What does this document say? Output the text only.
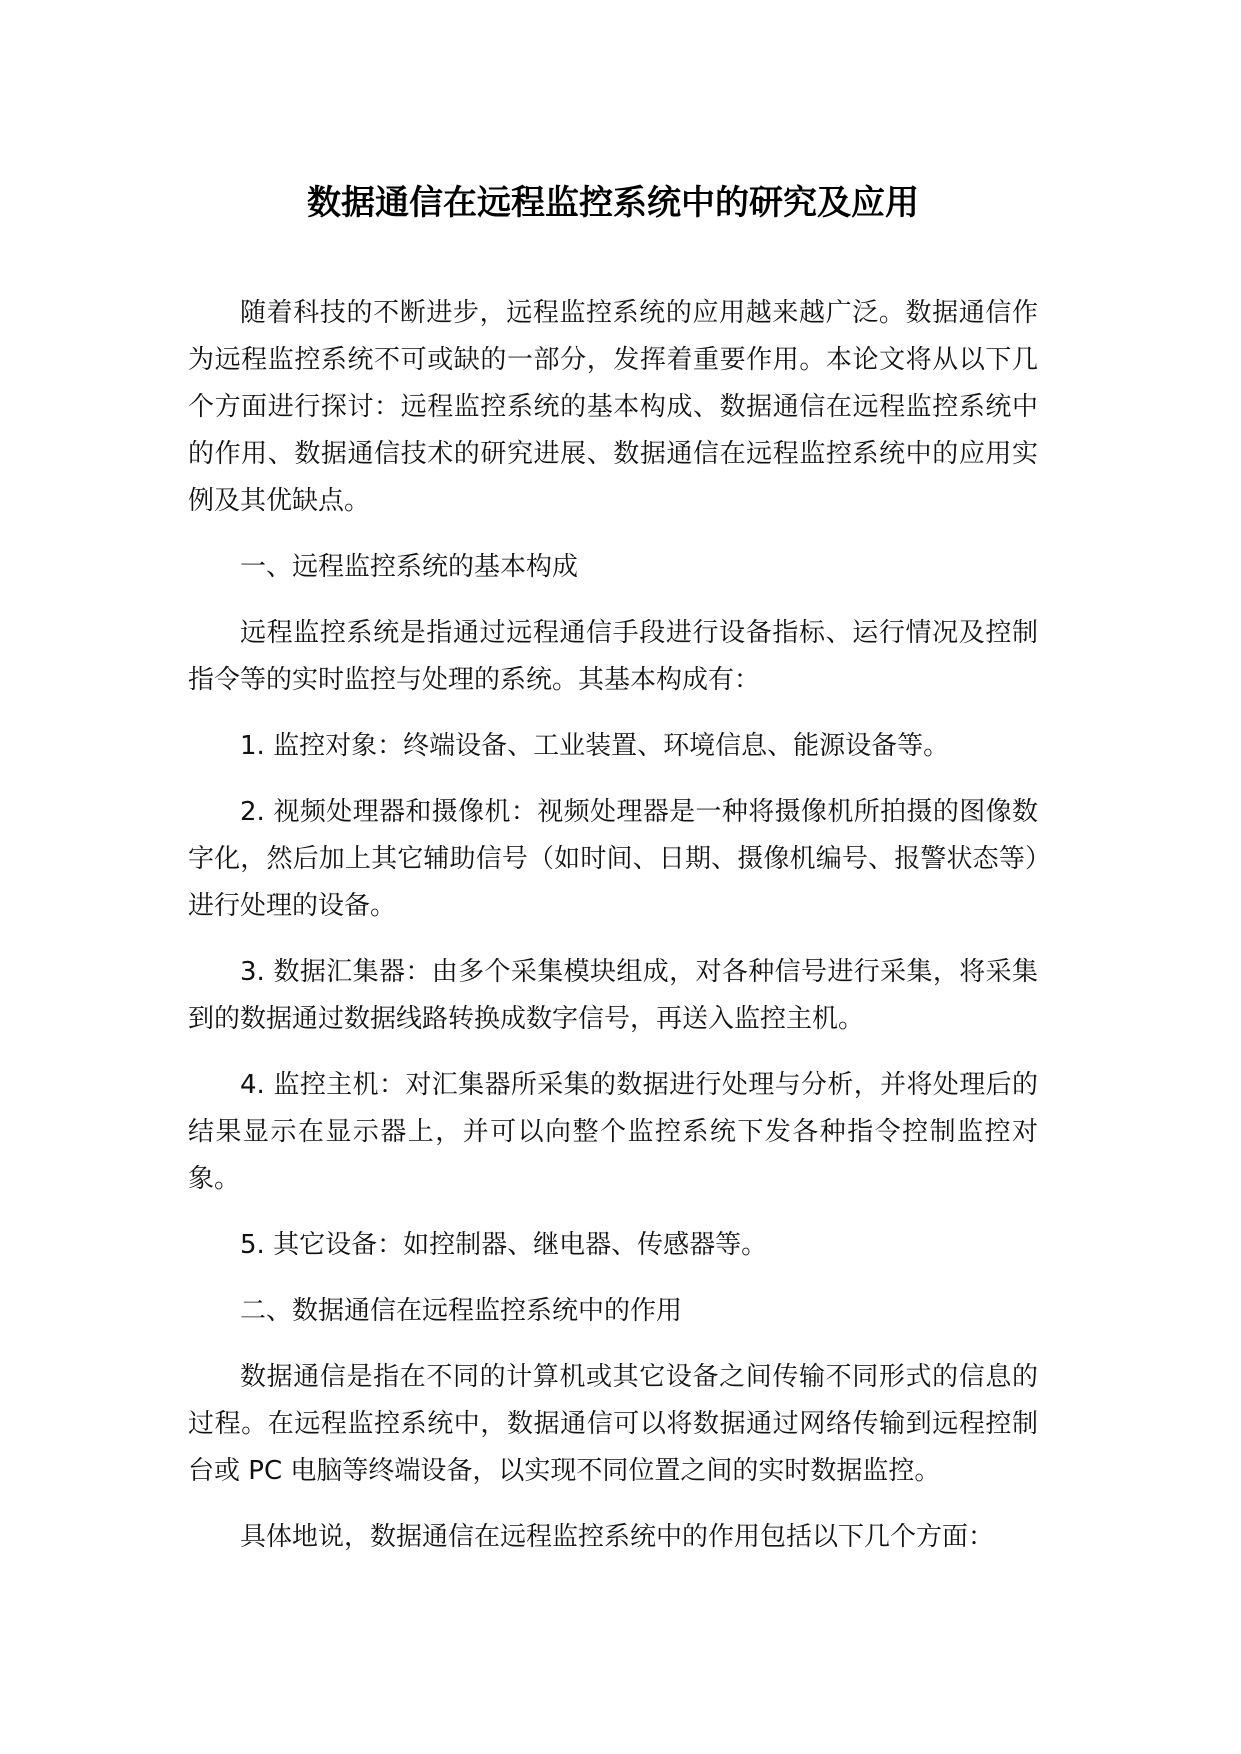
数据通信在远程监控系统中的研究及应用

随着科技的不断进步，远程监控系统的应用越来越广泛。数据通信作为远程监控系统不可或缺的一部分，发挥着重要作用。本论文将从以下几个方面进行探讨：远程监控系统的基本构成、数据通信在远程监控系统中的作用、数据通信技术的研究进展、数据通信在远程监控系统中的应用实例及其优缺点。

一、远程监控系统的基本构成

远程监控系统是指通过远程通信手段进行设备指标、运行情况及控制指令等的实时监控与处理的系统。其基本构成有：

1. 监控对象：终端设备、工业装置、环境信息、能源设备等。

2. 视频处理器和摄像机：视频处理器是一种将摄像机所拍摄的图像数字化，然后加上其它辅助信号（如时间、日期、摄像机编号、报警状态等）进行处理的设备。

3. 数据汇集器：由多个采集模块组成，对各种信号进行采集，将采集到的数据通过数据线路转换成数字信号，再送入监控主机。

4. 监控主机：对汇集器所采集的数据进行处理与分析，并将处理后的结果显示在显示器上，并可以向整个监控系统下发各种指令控制监控对象。

5. 其它设备：如控制器、继电器、传感器等。

二、数据通信在远程监控系统中的作用

数据通信是指在不同的计算机或其它设备之间传输不同形式的信息的过程。在远程监控系统中，数据通信可以将数据通过网络传输到远程控制台或 PC 电脑等终端设备，以实现不同位置之间的实时数据监控。

具体地说，数据通信在远程监控系统中的作用包括以下几个方面：
